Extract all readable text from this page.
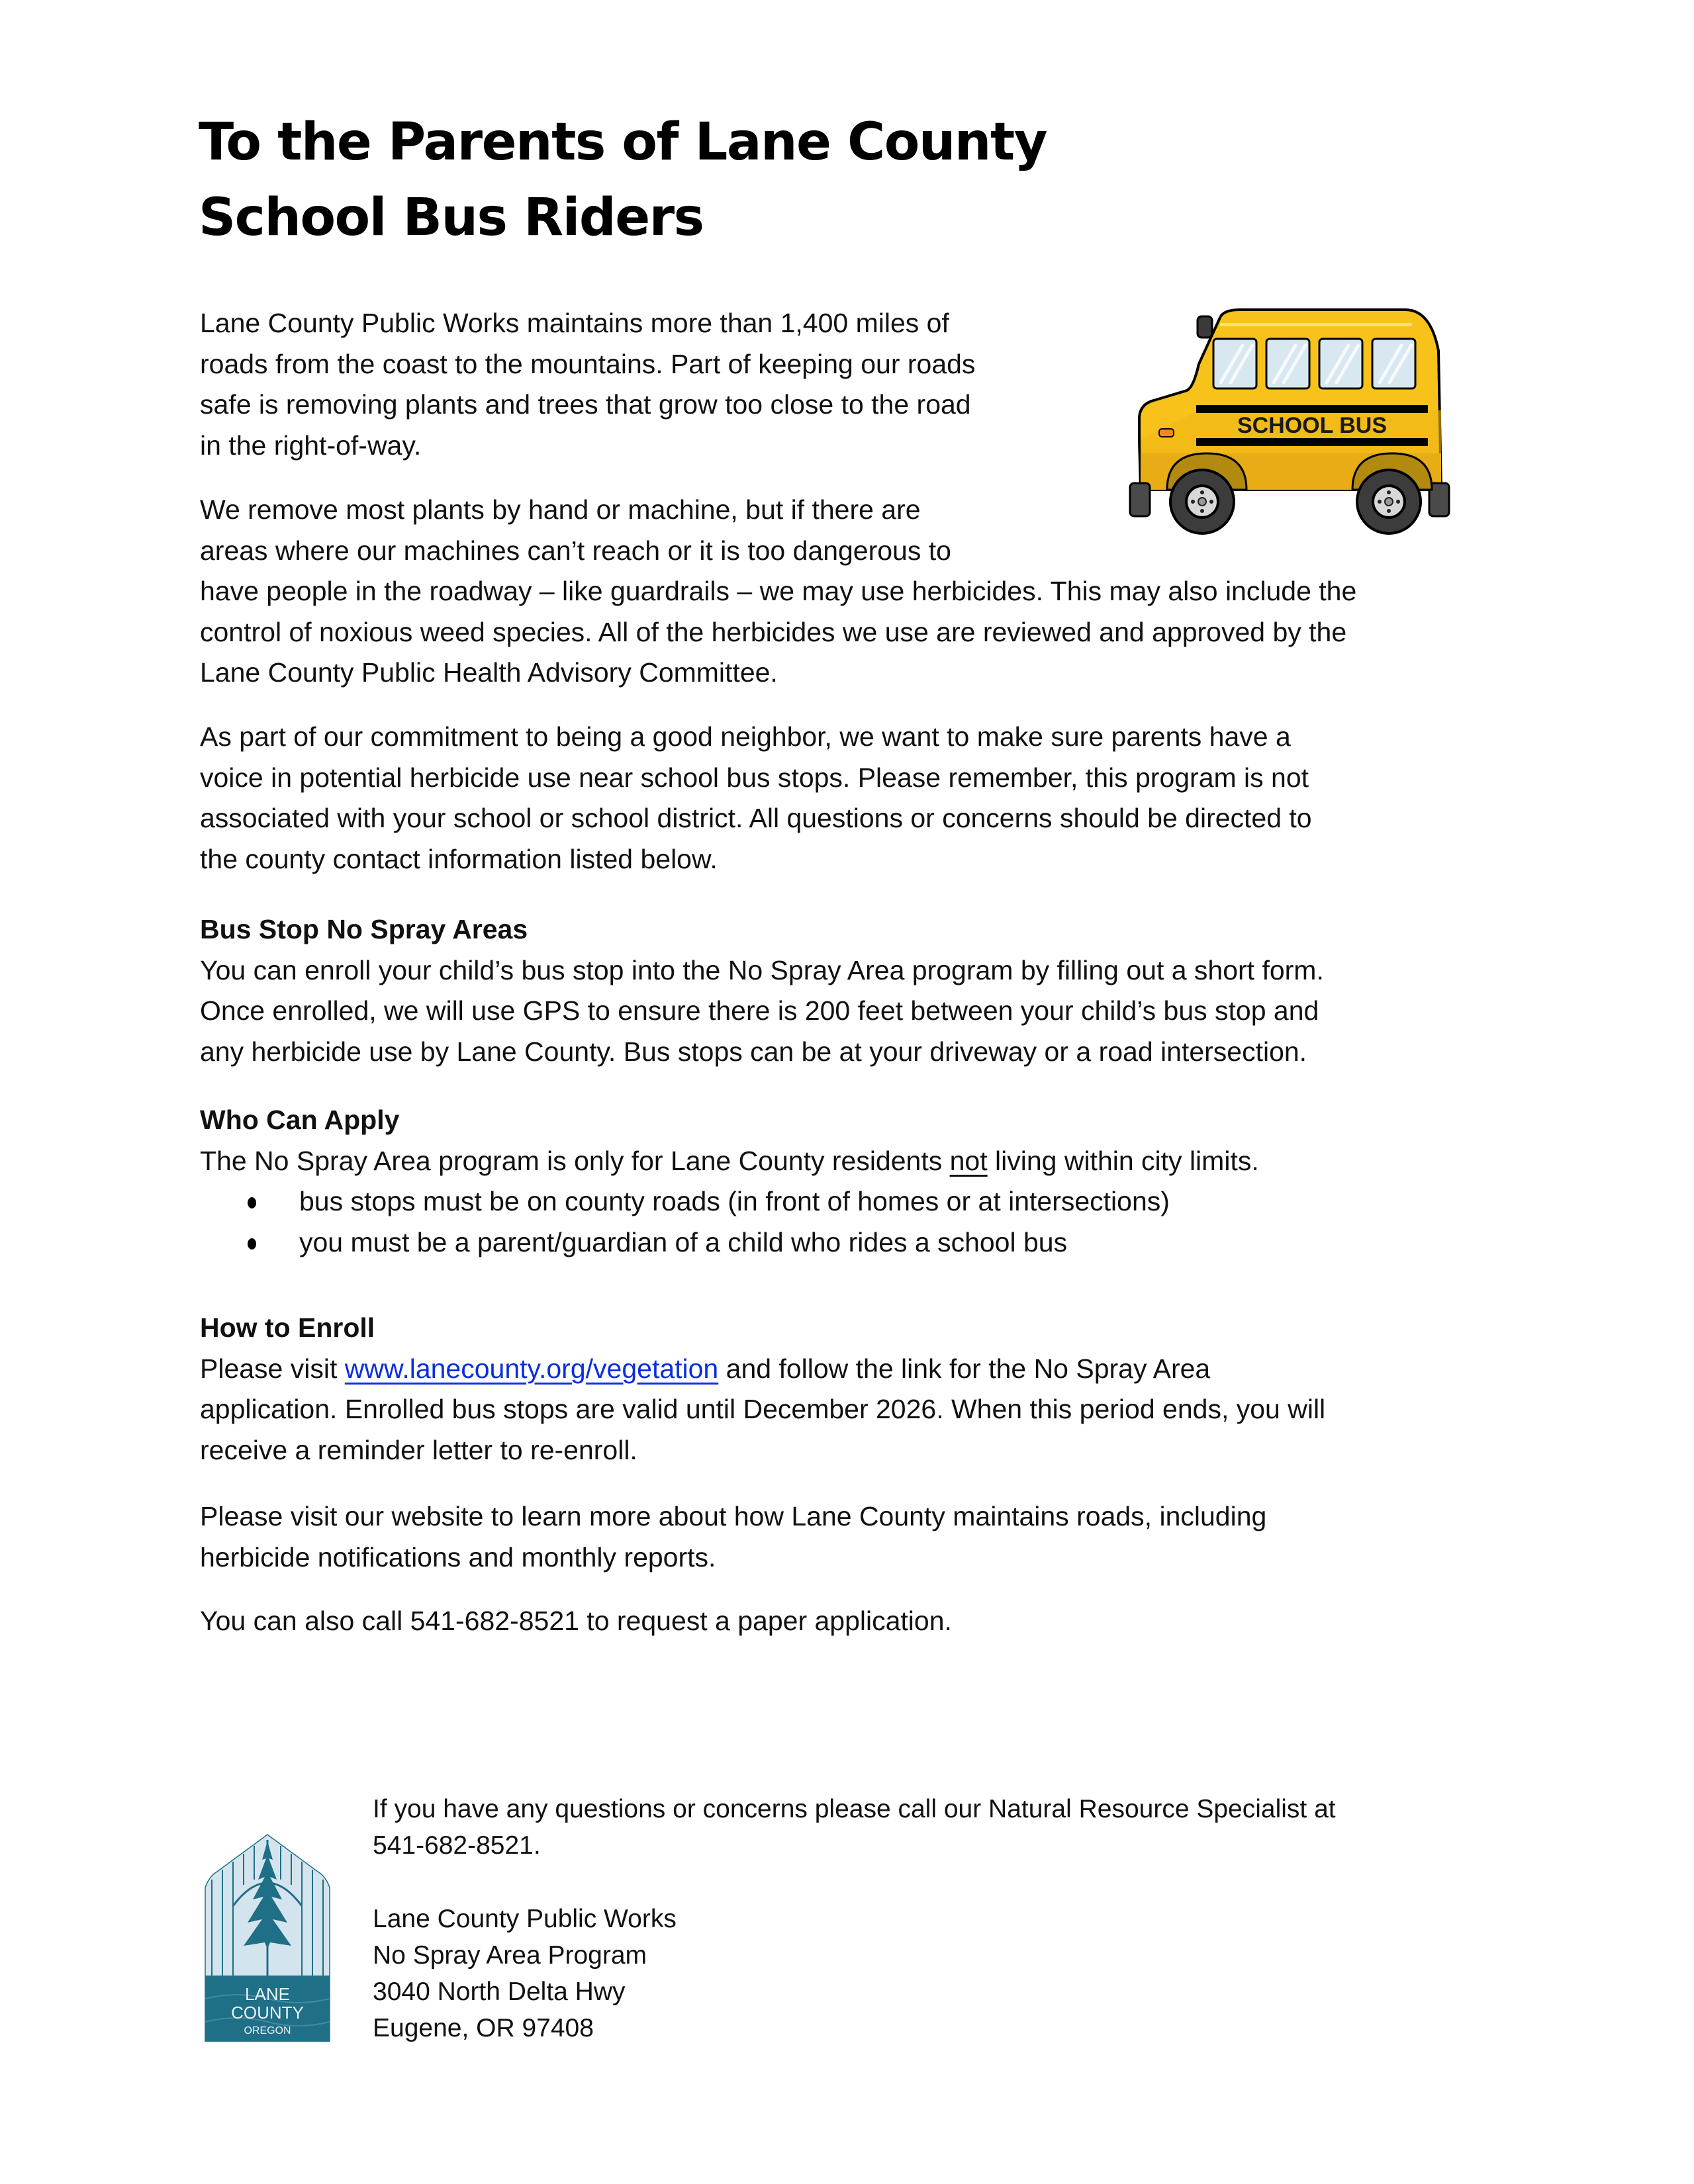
To the Parents of Lane County
School Bus Riders

Lane County Public Works maintains more than 1,400 miles of
roads from the coast to the mountains. Part of keeping our roads
safe is removing plants and trees that grow too close to the road
in the right-of-way.

We remove most plants by hand or machine, but if there are
areas where our machines can’t reach or it is too dangerous to
have people in the roadway – like guardrails – we may use herbicides. This may also include the
control of noxious weed species. All of the herbicides we use are reviewed and approved by the
Lane County Public Health Advisory Committee.

As part of our commitment to being a good neighbor, we want to make sure parents have a
voice in potential herbicide use near school bus stops. Please remember, this program is not
associated with your school or school district. All questions or concerns should be directed to
the county contact information listed below.

Bus Stop No Spray Areas
You can enroll your child’s bus stop into the No Spray Area program by filling out a short form.
Once enrolled, we will use GPS to ensure there is 200 feet between your child’s bus stop and
any herbicide use by Lane County. Bus stops can be at your driveway or a road intersection.
Who Can Apply
The No Spray Area program is only for Lane County residents not living within city limits.
bus stops must be on county roads (in front of homes or at intersections)
you must be a parent/guardian of a child who rides a school bus
How to Enroll
Please visit www.lanecounty.org/vegetation and follow the link for the No Spray Area
application. Enrolled bus stops are valid until December 2026. When this period ends, you will
receive a reminder letter to re-enroll.

Please visit our website to learn more about how Lane County maintains roads, including
herbicide notifications and monthly reports.

You can also call 541-682-8521 to request a paper application.

If you have any questions or concerns please call our Natural Resource Specialist at
541-682-8521.

Lane County Public Works
No Spray Area Program
3040 North Delta Hwy
Eugene, OR 97408

SCHOOL BUS
LANE
COUNTY
OREGON
